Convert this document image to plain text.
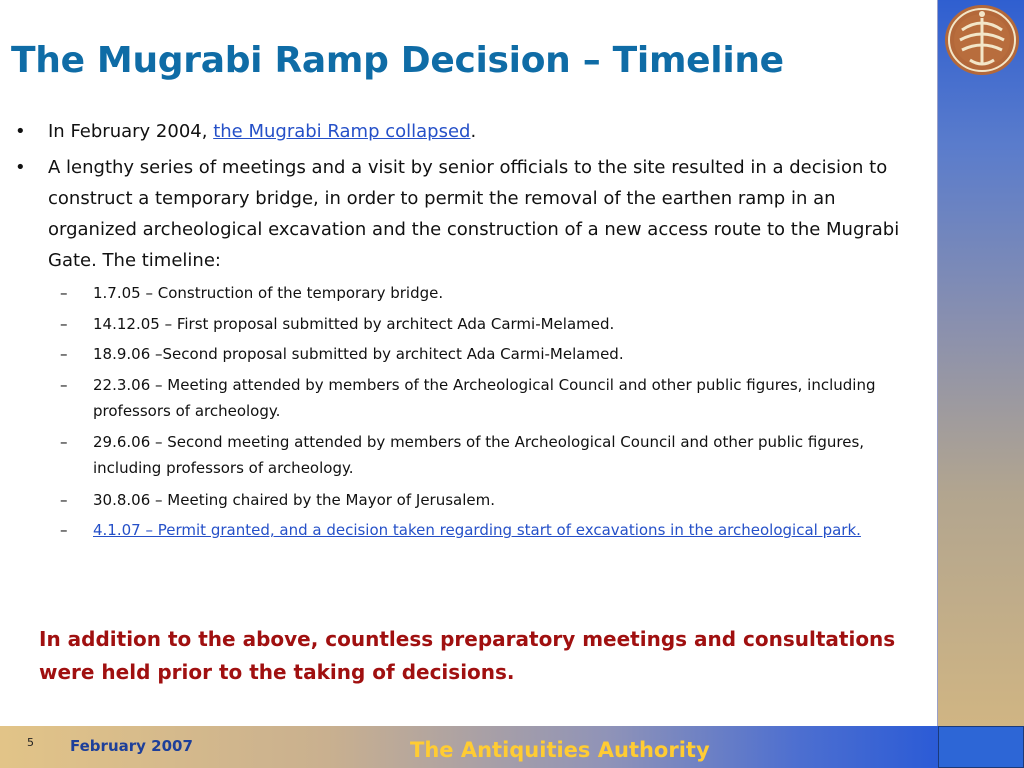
The Mugrabi Ramp Decision – Timeline
• In February 2004, the Mugrabi Ramp collapsed.
• A lengthy series of meetings and a visit by senior officials to the site resulted in a decision to construct a temporary bridge, in order to permit the removal of the earthen ramp in an organized archeological excavation and the construction of a new access route to the Mugrabi Gate. The timeline:
– 1.7.05 – Construction of the temporary bridge.
– 14.12.05 – First proposal submitted by architect Ada Carmi-Melamed.
– 18.9.06 –Second proposal submitted by architect Ada Carmi-Melamed.
– 22.3.06 – Meeting attended by members of the Archeological Council and other public figures, including professors of archeology.
– 29.6.06 – Second meeting attended by members of the Archeological Council and other public figures, including professors of archeology.
– 30.8.06 – Meeting chaired by the Mayor of Jerusalem.
– 4.1.07 – Permit granted, and a decision taken regarding start of excavations in the archeological park.
In addition to the above, countless preparatory meetings and consultations were held prior to the taking of decisions.
5 February 2007	The Antiquities Authority
